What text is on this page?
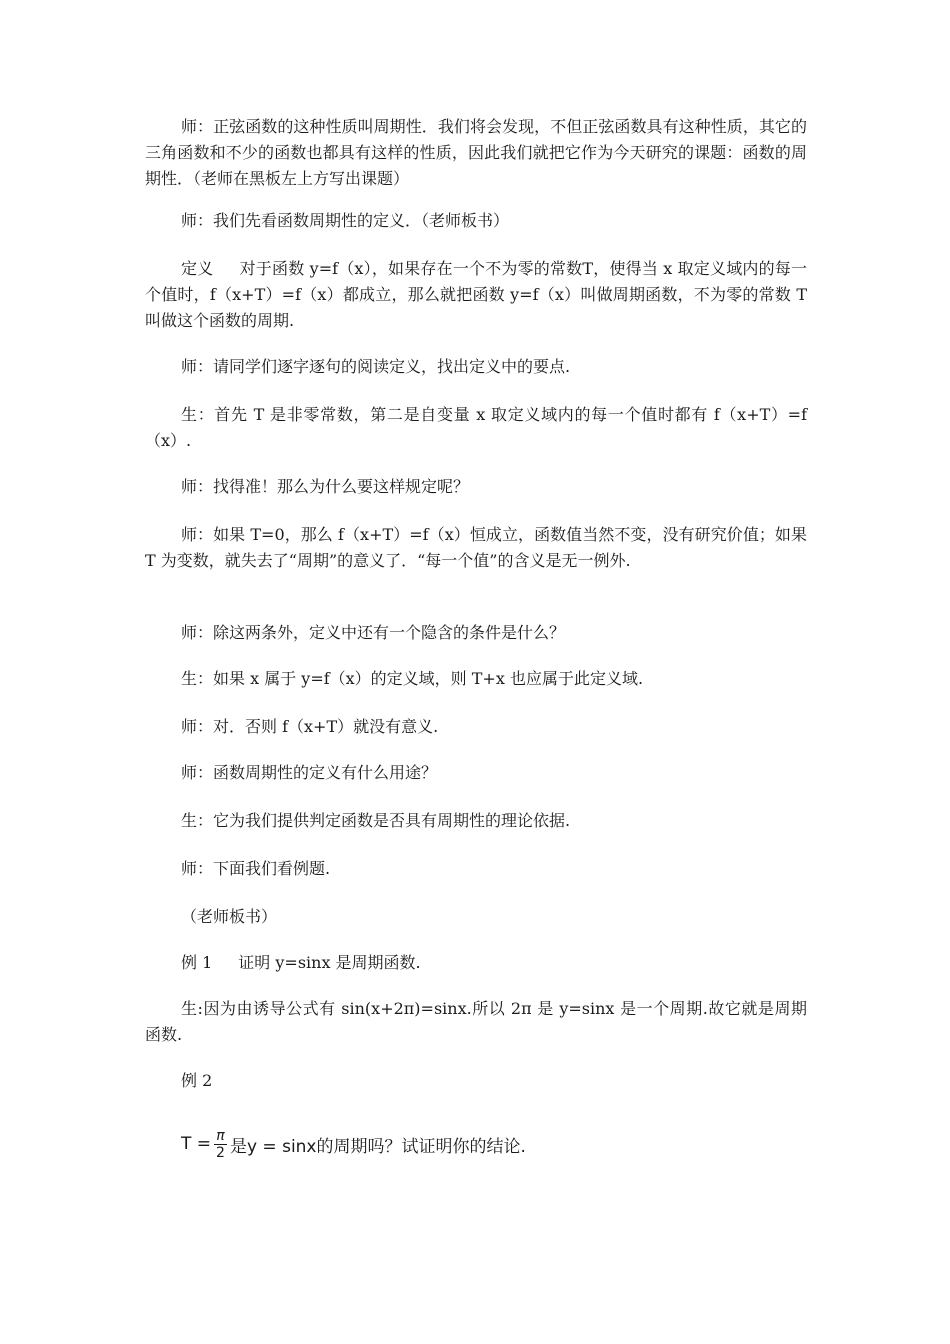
师：正弦函数的这种性质叫周期性．我们将会发现，不但正弦函数具有这种性质，其它的三角函数和不少的函数也都具有这样的性质，因此我们就把它作为今天研究的课题：函数的周期性．（老师在黑板左上方写出课题）

师：我们先看函数周期性的定义．（老师板书）

定义 对于函数 y=f（x），如果存在一个不为零的常数T，使得当 x 取定义域内的每一个值时，f（x+T）=f（x）都成立，那么就把函数 y=f（x）叫做周期函数，不为零的常数 T 叫做这个函数的周期.

师：请同学们逐字逐句的阅读定义，找出定义中的要点.

生：首先 T 是非零常数，第二是自变量 x 取定义域内的每一个值时都有 f（x+T）=f（x）.

师：找得准！那么为什么要这样规定呢？

师：如果 T=0，那么 f（x+T）=f（x）恒成立，函数值当然不变，没有研究价值；如果 T 为变数，就失去了“周期”的意义了．“每一个值”的含义是无一例外.

师：除这两条外，定义中还有一个隐含的条件是什么？

生：如果 x 属于 y=f（x）的定义域，则 T+x 也应属于此定义域.

师：对．否则 f（x+T）就没有意义.

师：函数周期性的定义有什么用途？

生：它为我们提供判定函数是否具有周期性的理论依据.

师：下面我们看例题.

（老师板书）

例 1 证明 y=sinx 是周期函数.

生:因为由诱导公式有 sin(x+2π)=sinx.所以 2π 是 y=sinx 是一个周期.故它就是周期函数.

例 2

$T = \frac{\pi}{2}$ 是y = sinx的周期吗？试证明你的结论.
